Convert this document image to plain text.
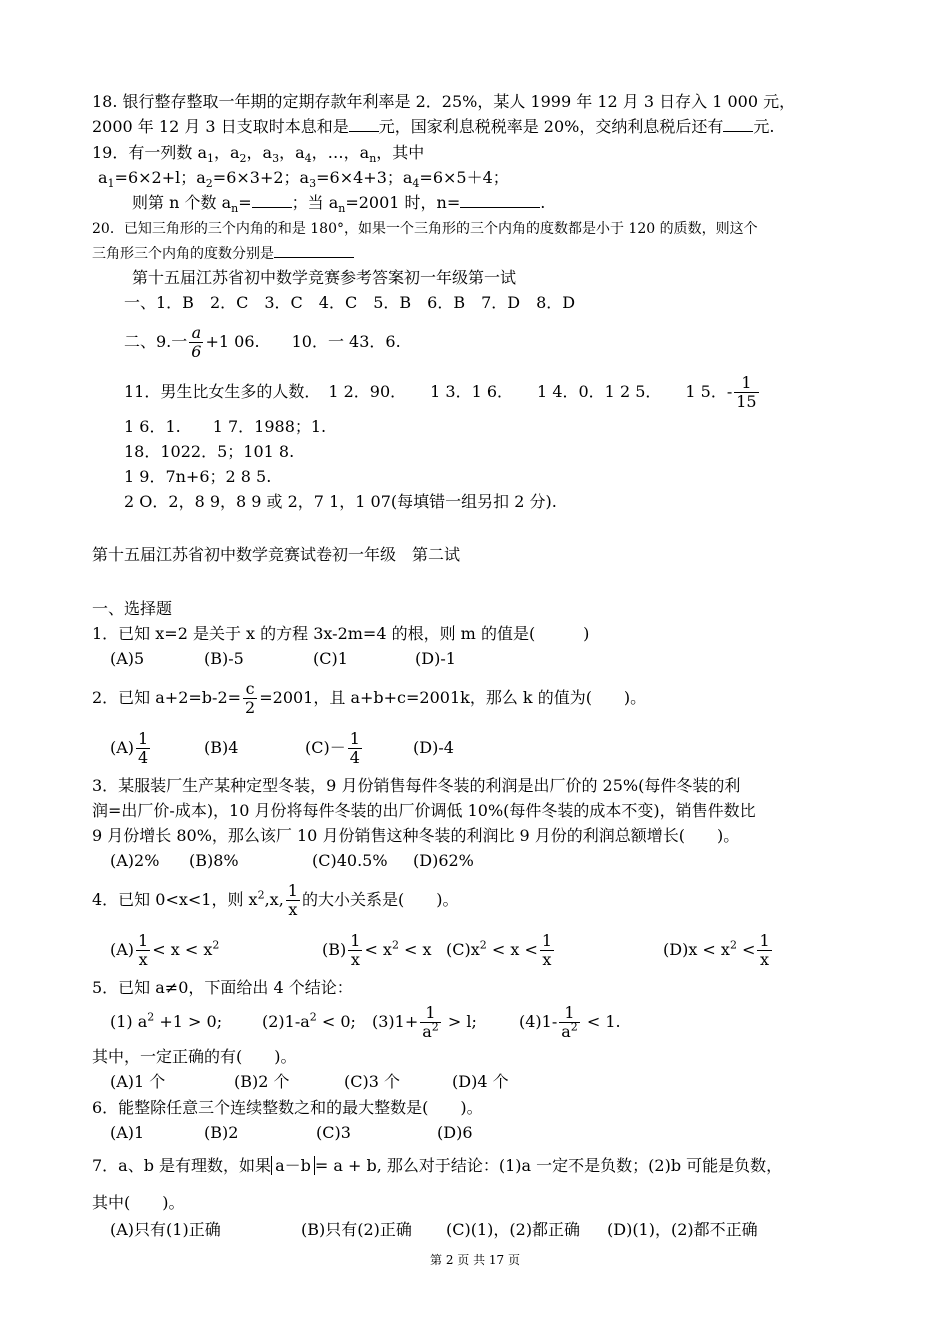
18. 银行整存整取一年期的定期存款年利率是 2．25%，某人 1999 年 12 月 3 日存入 1 000 元，
2000 年 12 月 3 日支取时本息和是 元，国家利息税税率是 20%，交纳利息税后还有 元.
19．有一列数 $a_1$，$a_2$，$a_3$，$a_4$，…，$a_n$，其中
$a_1=6\times 2+l$；$a_2=6\times 3+2$；$a_3=6\times 4+3$；$a_4=6\times 5+4$；
则第 n 个数 $a_n=$	；当 $a_n=2001$ 时，n=	.
20．已知三角形的三个内角的和是 180°，如果一个三角形的三个内角的度数都是小于 120 的质数，则这个
三角形三个内角的度数分别是
第十五届江苏省初中数学竞赛参考答案初一年级第一试
一、1．B　2．C　3．C　4．C　5．B　6．B　7．D　8．D
二、9.一 $\frac{a}{6} +1$ 06.　　10．一 43．6.
11．男生比女生多的人数．　1 2．90．　　1 3．1 6．　　1 4．0．1 2 5．　　1 5．- $\frac{1}{15}$
1 6．1.　　1 7．1988；1.
18．1022．5；101 8.
1 9．7n+6；2 8 5.
2 O．2，8 9，8 9 或 2，7 1，1 07(每填错一组另扣 2 分).
第十五届江苏省初中数学竞赛试卷初一年级　第二试
一、选择题
1．已知 x=2 是关于 x 的方程 3x-2m=4 的根，则 m 的值是(　　　)
(A)5	(B)-5	(C)1	(D)-1
2．已知 $a+2=b-2= \frac{c}{2} =2001$，且 a+b+c=2001k，那么 k 的值为(　　)。
$(A) \frac{1}{4}$	(B)4	$(C)- \frac{1}{4}$	(D)-4
3．某服装厂生产某种定型冬装，9 月份销售每件冬装的利润是出厂价的 25%(每件冬装的利
润=出厂价-成本)，10 月份将每件冬装的出厂价调低 10%(每件冬装的成本不变)，销售件数比
9 月份增长 80%，那么该厂 10 月份销售这种冬装的利润比 9 月份的利润总额增长(　　)。
(A)2% (B)8%	(C)40.5% (D)62%
4．已知 0<x<1，则 $x^2,x$, $\frac{1}{x}$ 的大小关系是(　　)。
$(A) \frac{1}{x} < x < x^2$	$(B) \frac{1}{x} < x^2 < x$ $(C)x^2 < x < \frac{1}{x}$	$(D)x < x^2 < \frac{1}{x}$
5．已知 a≠0，下面给出 4 个结论：
(1) $a^2 +1 > 0$; $(2)1-a^2 < 0$; $(3)1+ \frac{1}{a^2} > l$;	$(4)1- \frac{1}{a^2} < 1$.
其中，一定正确的有(　　)。
(A)1 个	(B)2 个	(C)3 个	(D)4 个
6．能整除任意三个连续整数之和的最大整数是(　　)。
(A)1	(B)2	(C)3	(D)6
7．a、b 是有理数，如果 a－b = a + b, 那么对于结论：(1)a 一定不是负数；(2)b 可能是负数，
其中(　　)。
(A)只有(1)正确	(B)只有(2)正确 (C)(1)，(2)都正确 (D)(1)，(2)都不正确
第 2 页 共 17 页
